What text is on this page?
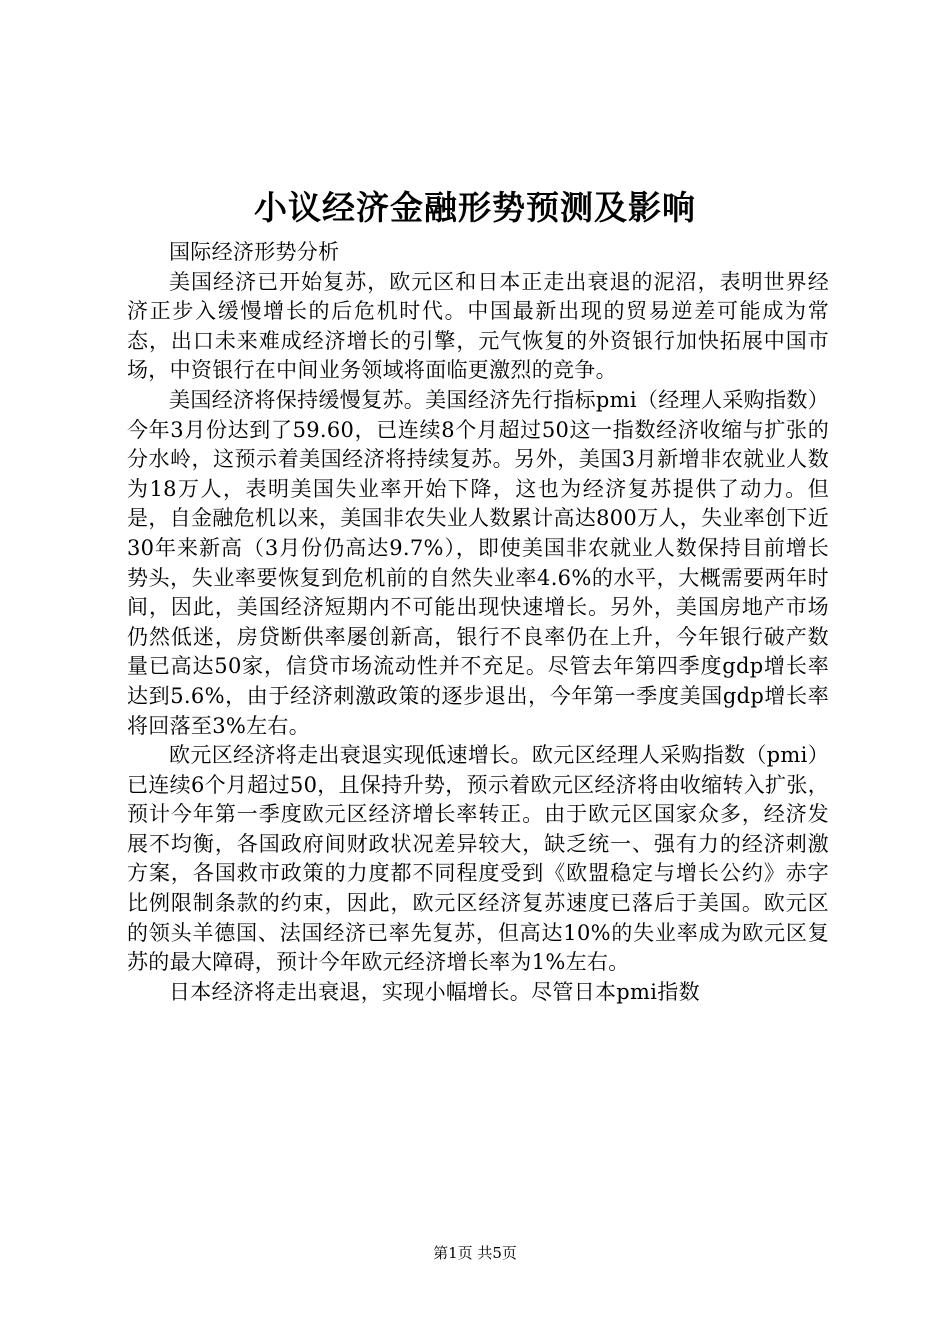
小议经济金融形势预测及影响

国际经济形势分析

美国经济已开始复苏，欧元区和日本正走出衰退的泥沼，表明世界经济正步入缓慢增长的后危机时代。中国最新出现的贸易逆差可能成为常态，出口未来难成经济增长的引擎，元气恢复的外资银行加快拓展中国市场，中资银行在中间业务领域将面临更激烈的竞争。

美国经济将保持缓慢复苏。美国经济先行指标pmi（经理人采购指数）今年3月份达到了59.60，已连续8个月超过50这一指数经济收缩与扩张的分水岭，这预示着美国经济将持续复苏。另外，美国3月新增非农就业人数为18万人，表明美国失业率开始下降，这也为经济复苏提供了动力。但是，自金融危机以来，美国非农失业人数累计高达800万人，失业率创下近30年来新高（3月份仍高达9.7%），即使美国非农就业人数保持目前增长势头，失业率要恢复到危机前的自然失业率4.6%的水平，大概需要两年时间，因此，美国经济短期内不可能出现快速增长。另外，美国房地产市场仍然低迷，房贷断供率屡创新高，银行不良率仍在上升，今年银行破产数量已高达50家，信贷市场流动性并不充足。尽管去年第四季度gdp增长率达到5.6%，由于经济刺激政策的逐步退出，今年第一季度美国gdp增长率将回落至3%左右。

欧元区经济将走出衰退实现低速增长。欧元区经理人采购指数（pmi）已连续6个月超过50，且保持升势，预示着欧元区经济将由收缩转入扩张，预计今年第一季度欧元区经济增长率转正。由于欧元区国家众多，经济发展不均衡，各国政府间财政状况差异较大，缺乏统一、强有力的经济刺激方案，各国救市政策的力度都不同程度受到《欧盟稳定与增长公约》赤字比例限制条款的约束，因此，欧元区经济复苏速度已落后于美国。欧元区的领头羊德国、法国经济已率先复苏，但高达10%的失业率成为欧元区复苏的最大障碍，预计今年欧元经济增长率为1%左右。

日本经济将走出衰退，实现小幅增长。尽管日本pmi指数

第1页 共5页
